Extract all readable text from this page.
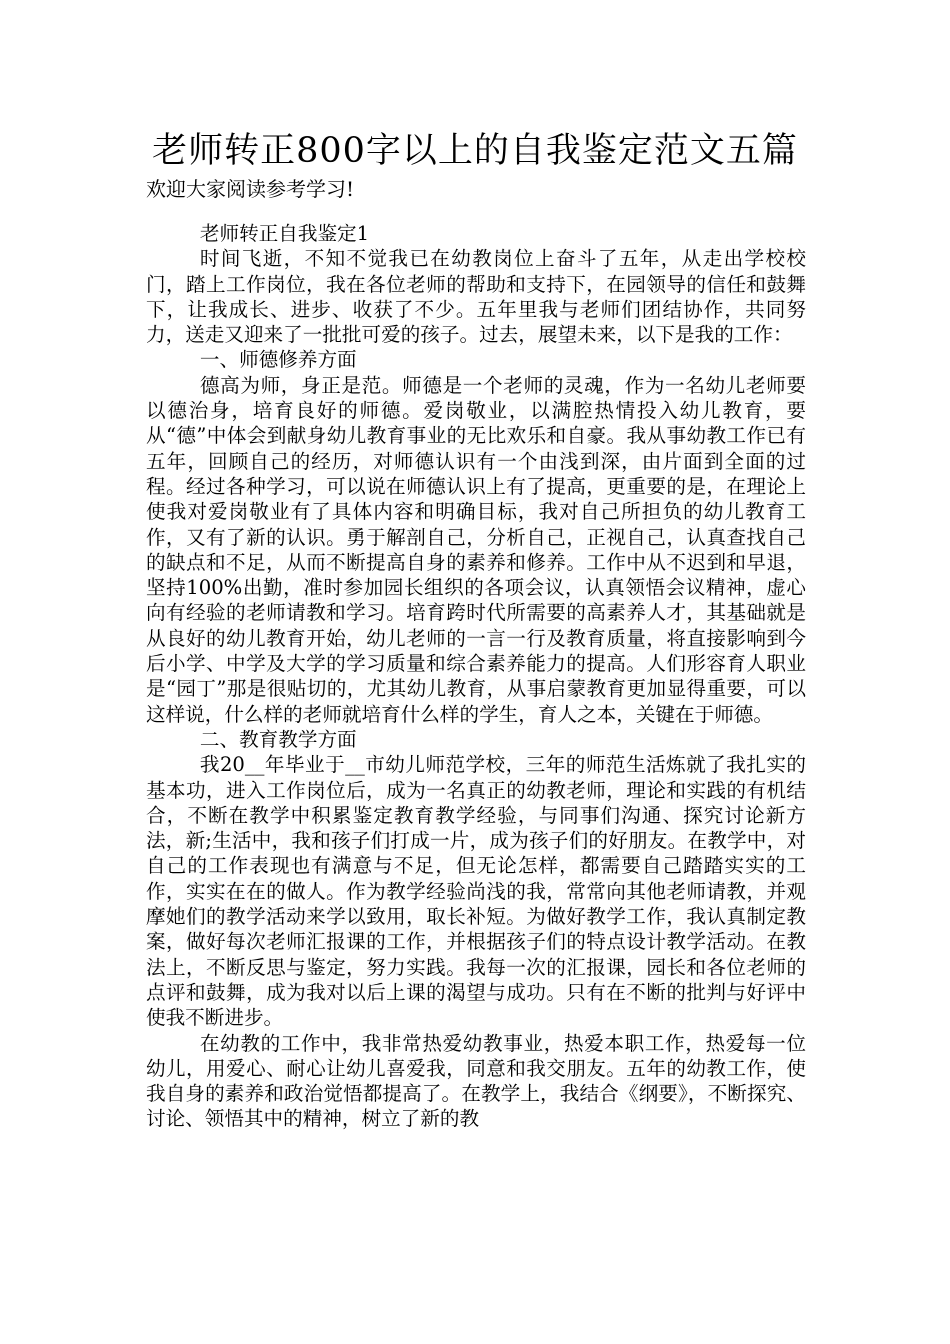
老师转正800字以上的自我鉴定范文五篇
欢迎大家阅读参考学习!

老师转正自我鉴定1

时间飞逝，不知不觉我已在幼教岗位上奋斗了五年，从走出学校校门，踏上工作岗位，我在各位老师的帮助和支持下，在园领导的信任和鼓舞下，让我成长、进步、收获了不少。五年里我与老师们团结协作，共同努力，送走又迎来了一批批可爱的孩子。过去，展望未来，以下是我的工作：

一、师德修养方面

德高为师，身正是范。师德是一个老师的灵魂，作为一名幼儿老师要以德治身，培育良好的师德。爱岗敬业，以满腔热情投入幼儿教育，要从“德”中体会到献身幼儿教育事业的无比欢乐和自豪。我从事幼教工作已有五年，回顾自己的经历，对师德认识有一个由浅到深，由片面到全面的过程。经过各种学习，可以说在师德认识上有了提高，更重要的是，在理论上使我对爱岗敬业有了具体内容和明确目标，我对自己所担负的幼儿教育工作，又有了新的认识。勇于解剖自己，分析自己，正视自己，认真查找自己的缺点和不足，从而不断提高自身的素养和修养。工作中从不迟到和早退，坚持100%出勤，准时参加园长组织的各项会议，认真领悟会议精神，虚心向有经验的老师请教和学习。培育跨时代所需要的高素养人才，其基础就是从良好的幼儿教育开始，幼儿老师的一言一行及教育质量，将直接影响到今后小学、中学及大学的学习质量和综合素养能力的提高。人们形容育人职业是“园丁”那是很贴切的，尤其幼儿教育，从事启蒙教育更加显得重要，可以这样说，什么样的老师就培育什么样的学生，育人之本，关键在于师德。

二、教育教学方面

我20__年毕业于__市幼儿师范学校，三年的师范生活炼就了我扎实的基本功，进入工作岗位后，成为一名真正的幼教老师，理论和实践的有机结合，不断在教学中积累鉴定教育教学经验，与同事们沟通、探究讨论新方法，新;生活中，我和孩子们打成一片，成为孩子们的好朋友。在教学中，对自己的工作表现也有满意与不足，但无论怎样，都需要自己踏踏实实的工作，实实在在的做人。作为教学经验尚浅的我，常常向其他老师请教，并观摩她们的教学活动来学以致用，取长补短。为做好教学工作，我认真制定教案，做好每次老师汇报课的工作，并根据孩子们的特点设计教学活动。在教法上，不断反思与鉴定，努力实践。我每一次的汇报课，园长和各位老师的点评和鼓舞，成为我对以后上课的渴望与成功。只有在不断的批判与好评中使我不断进步。

在幼教的工作中，我非常热爱幼教事业，热爱本职工作，热爱每一位幼儿，用爱心、耐心让幼儿喜爱我，同意和我交朋友。五年的幼教工作，使我自身的素养和政治觉悟都提高了。在教学上，我结合《纲要》，不断探究、讨论、领悟其中的精神，树立了新的教
